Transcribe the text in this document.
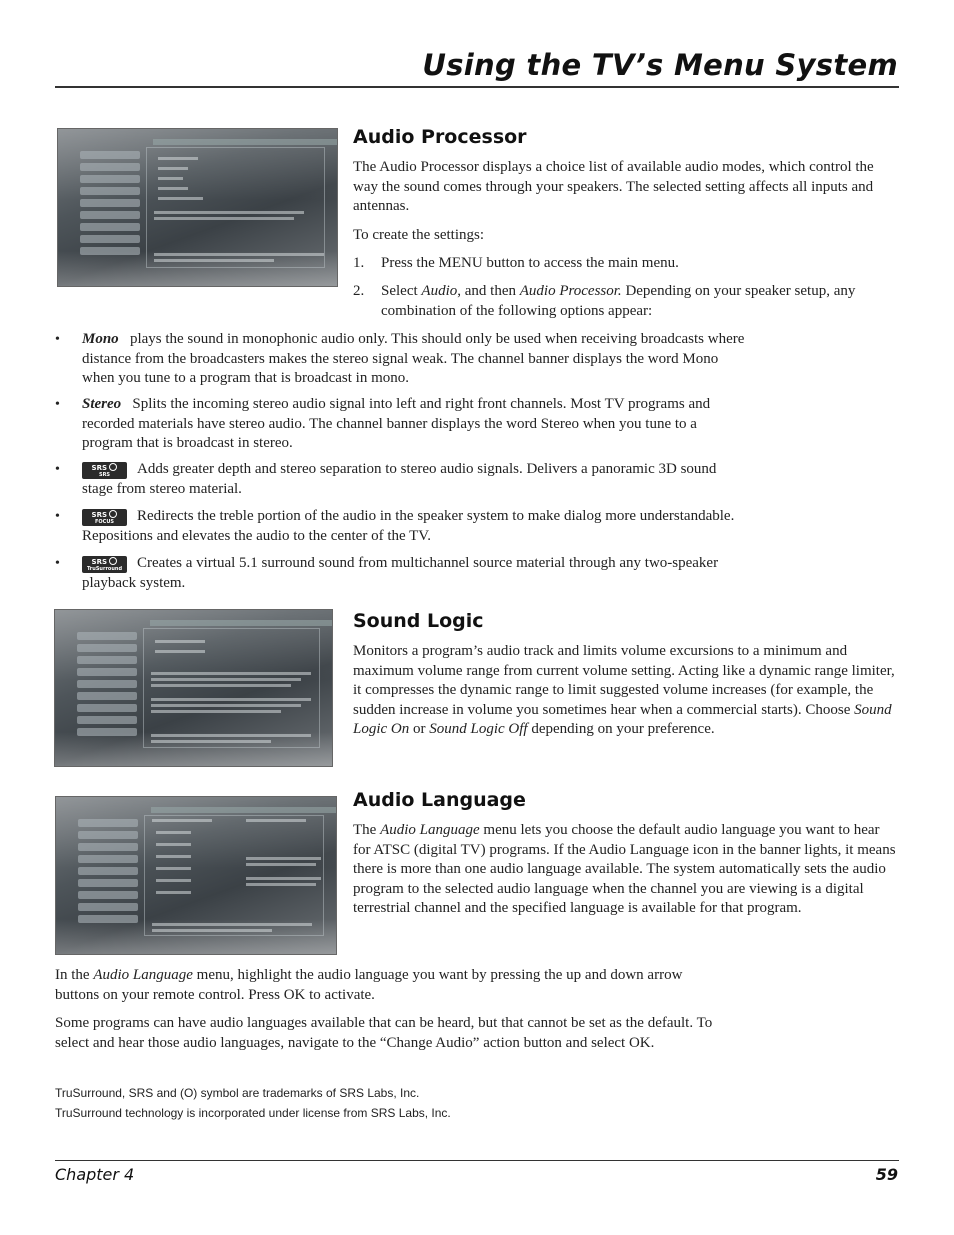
Using the TV’s Menu System
Audio Processor

The Audio Processor displays a choice list of available audio modes, which control the way the sound comes through your speakers. The selected setting affects all inputs and antennas.

To create the settings:

1. Press the MENU button to access the main menu.
2. Select Audio, and then Audio Processor. Depending on your speaker setup, any combination of the following options appear:
• Mono plays the sound in monophonic audio only. This should only be used when receiving broadcasts where distance from the broadcasters makes the stereo signal weak. The channel banner displays the word Mono when you tune to a program that is broadcast in mono.
• Stereo Splits the incoming stereo audio signal into left and right front channels. Most TV programs and recorded materials have stereo audio. The channel banner displays the word Stereo when you tune to a program that is broadcast in stereo.
•	SRS
SRS	Adds greater depth and stereo separation to stereo audio signals. Delivers a panoramic 3D sound stage from stereo material.
•	SRS
FOCUS	Redirects the treble portion of the audio in the speaker system to make dialog more understandable. Repositions and elevates the audio to the center of the TV.
•	SRS
TruSurround Creates a virtual 5.1 surround sound from multichannel source material through any two-speaker playback system.
Sound Logic

Monitors a program’s audio track and limits volume excursions to a minimum and maximum volume range from current volume setting. Acting like a dynamic range limiter, it compresses the dynamic range to limit suggested volume increases (for example, the sudden increase in volume you sometimes hear when a commercial starts). Choose Sound Logic On or Sound Logic Off depending on your preference.

Audio Language

The Audio Language menu lets you choose the default audio language you want to hear for ATSC (digital TV) programs. If the Audio Language icon in the banner lights, it means there is more than one audio language available. The system automatically sets the audio program to the selected audio language when the channel you are viewing is a digital terrestrial channel and the specified language is available for that program.

In the Audio Language menu, highlight the audio language you want by pressing the up and down arrow buttons on your remote control. Press OK to activate.

Some programs can have audio languages available that can be heard, but that cannot be set as the default. To select and hear those audio languages, navigate to the “Change Audio” action button and select OK.

TruSurround, SRS and (O) symbol are trademarks of SRS Labs, Inc.

TruSurround technology is incorporated under license from SRS Labs, Inc.

Chapter 4	59
